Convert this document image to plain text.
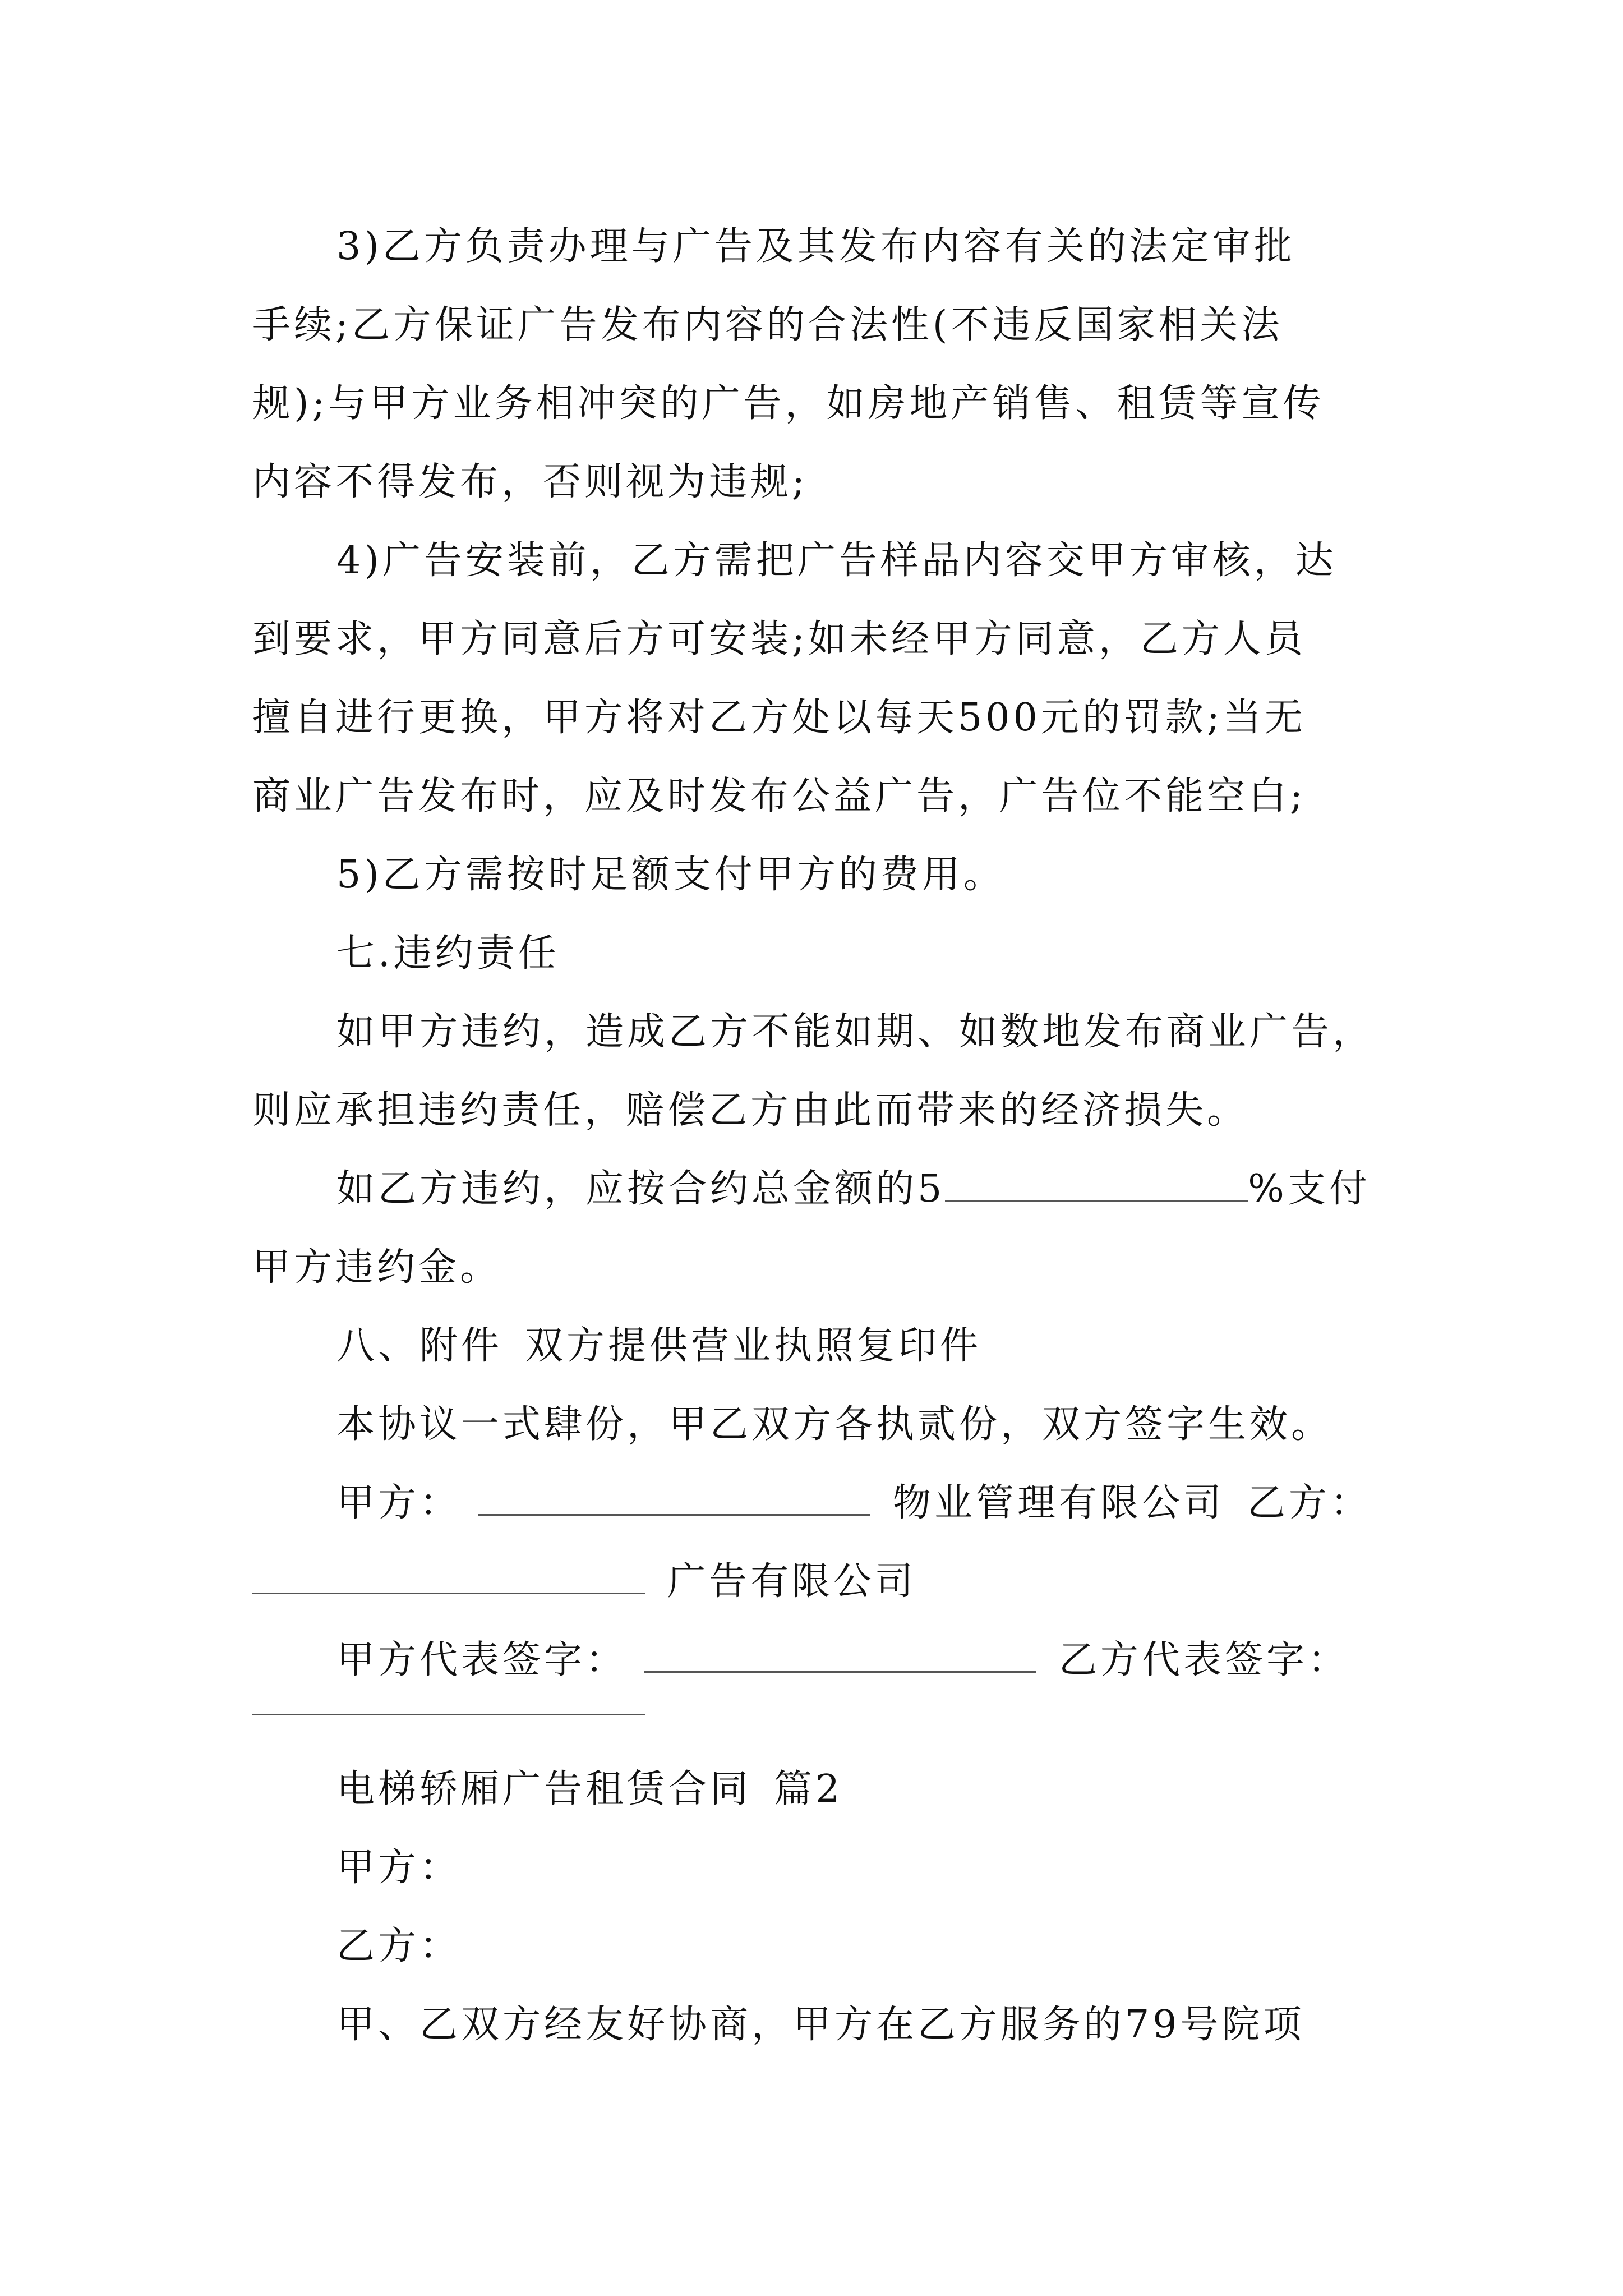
3)乙方负责办理与广告及其发布内容有关的法定审批
手续;乙方保证广告发布内容的合法性(不违反国家相关法
规);与甲方业务相冲突的广告，如房地产销售、租赁等宣传
内容不得发布，否则视为违规;
4)广告安装前，乙方需把广告样品内容交甲方审核，达
到要求，甲方同意后方可安装;如未经甲方同意，乙方人员
擅自进行更换，甲方将对乙方处以每天500元的罚款;当无
商业广告发布时，应及时发布公益广告，广告位不能空白;
5)乙方需按时足额支付甲方的费用。
七.违约责任
如甲方违约，造成乙方不能如期、如数地发布商业广告，
则应承担违约责任，赔偿乙方由此而带来的经济损失。
如乙方违约，应按合约总金额的5	%支付
甲方违约金。
八、附件 双方提供营业执照复印件
本协议一式肆份，甲乙双方各执贰份，双方签字生效。
甲方：	物业管理有限公司 乙方：
广告有限公司
甲方代表签字：	乙方代表签字：
电梯轿厢广告租赁合同 篇2
甲方：
乙方：
甲、乙双方经友好协商，甲方在乙方服务的79号院项
